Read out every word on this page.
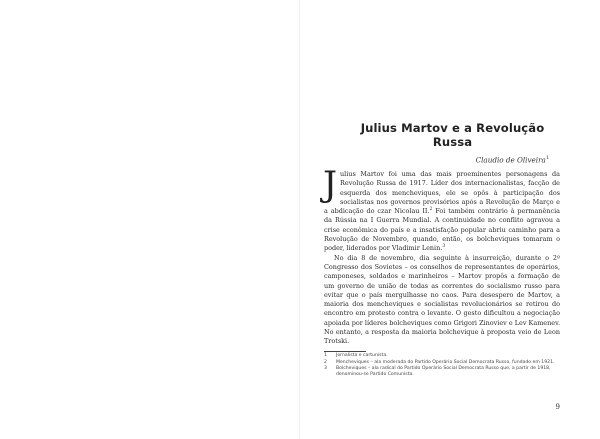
Julius Martov e a Revolução Russa
Claudio de Oliveira$^1$

Julius Martov foi uma das mais proeminentes personagens da Revolução Russa de 1917. Líder dos internacionalistas, facção de esquerda dos mencheviques, ele se opôs à participação dos socialistas nos governos provisórios após a Revolução de Março e a abdicação do czar Nicolau II.$^2$ Foi também contrário à permanência da Rússia na I Guerra Mundial. A continuidade no conflito agravou a crise econômica do país e a insatisfação popular abriu caminho para a Revolução de Novembro, quando, então, os bolcheviques tomaram o poder, liderados por Vladimir Lenin.$^3$

No dia 8 de novembro, dia seguinte à insurreição, durante o 2º Congresso dos Sovietes – os conselhos de representantes de operários, camponeses, soldados e marinheiros – Martov propôs a formação de um governo de união de todas as correntes do socialismo russo para evitar que o país mergulhasse no caos. Para desespero de Martov, a maioria dos mencheviques e socialistas revolucionários se retirou do encontro em protesto contra o levante. O gesto dificultou a negociação apoiada por líderes bolcheviques como Grigori Zinoviev e Lev Kamenev. No entanto, a resposta da maioria bolchevique à proposta veio de Leon Trotski.

1 Jornalista e cartunista.
2 Mencheviques – ala moderada do Partido Operário Social Democrata Russo, fundado em 1921.
3 Bolcheviques – ala radical do Partido Operário Social Democrata Russo que, a partir de 1918, denominou-se Partido Comunista.
9
